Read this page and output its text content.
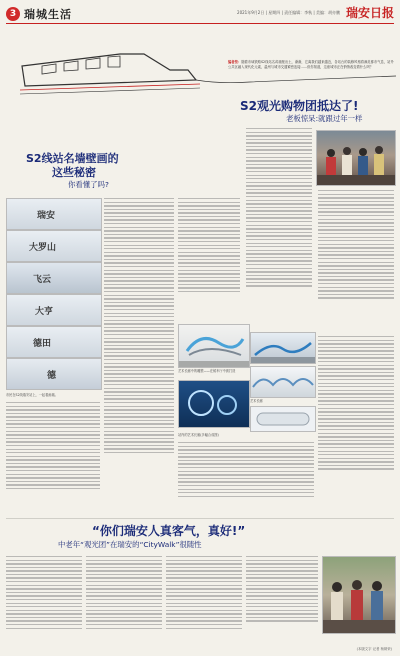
3 瑞城生活	2021年9月2日 | 星期四 | 责任编辑：李秋 | 美编：胡亦鹏 瑞安日报
编者按：随着市域铁路S2线站名或墙壁出土，渐渐，它离我们越来越近，各站台的装修风格将满足都市气息，站外公共区融入现代化元素，温州与城市交通紧密连接……但你知道，这座城市正在悄悄改变着什么吗？
S2观光购物团抵达了!
老板惊呆:就跟过年一样
S2线站名墙壁画的
这些秘密
你看懂了吗?
瑞安
大罗山
飞云
大亨
德田
德
市民在S2线瑞安站上，一起看画墙。
艺术长廊中的雕塑——在候车厅中被打造
艺术长廊
站内的艺术长廊(多幅合成图)
“你们瑞安人真客气，真好!”
中老年“观光团”在瑞安的“CityWalk”很随性
(本版文字 记者 杨荫荣)
